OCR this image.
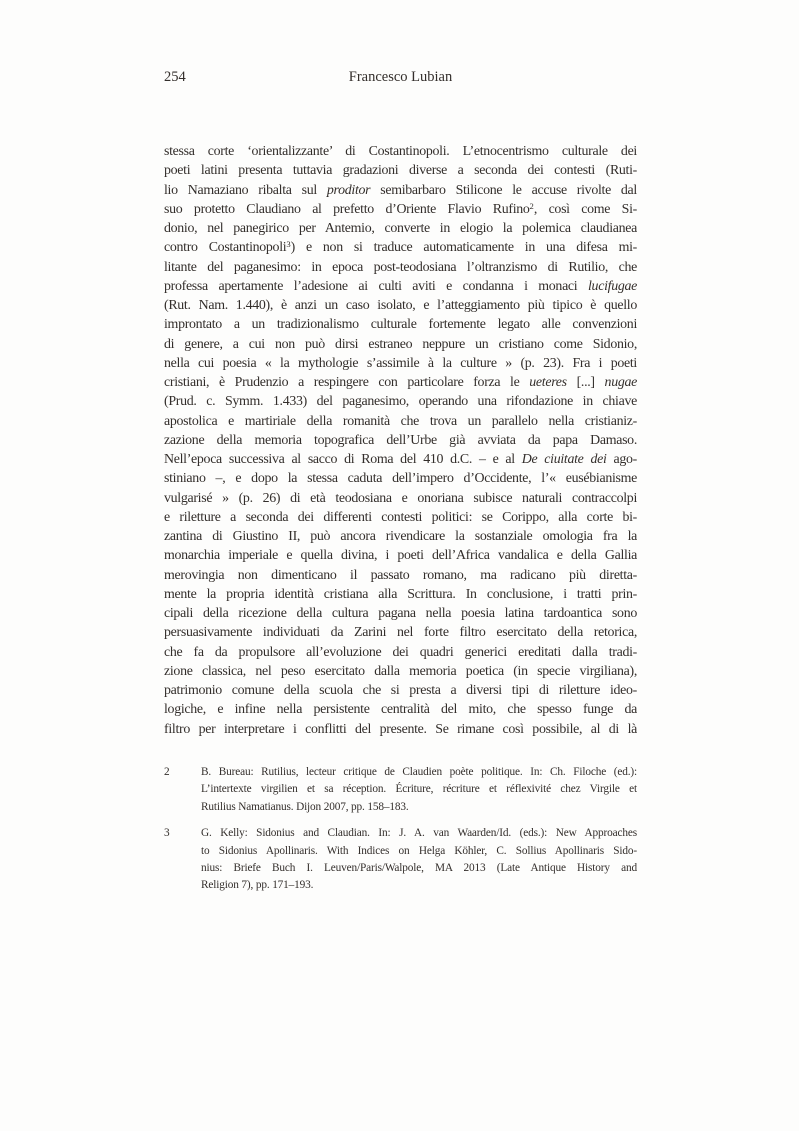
254	Francesco Lubian
stessa corte ‘orientalizzante’ di Costantinopoli. L’etnocentrismo culturale dei
poeti latini presenta tuttavia gradazioni diverse a seconda dei contesti (Ruti-
lio Namaziano ribalta sul proditor semibarbaro Stilicone le accuse rivolte dal
suo protetto Claudiano al prefetto d’Oriente Flavio Rufino$^2$, così come Si-
donio, nel panegirico per Antemio, converte in elogio la polemica claudianea
contro Costantinopoli$^3$) e non si traduce automaticamente in una difesa mi-
litante del paganesimo: in epoca post-teodosiana l’oltranzismo di Rutilio, che
professa apertamente l’adesione ai culti aviti e condanna i monaci lucifugae
(Rut. Nam. 1.440), è anzi un caso isolato, e l’atteggiamento più tipico è quello
improntato a un tradizionalismo culturale fortemente legato alle convenzioni
di genere, a cui non può dirsi estraneo neppure un cristiano come Sidonio,
nella cui poesia « la mythologie s’assimile à la culture » (p. 23). Fra i poeti
cristiani, è Prudenzio a respingere con particolare forza le ueteres [...] nugae
(Prud. c. Symm. 1.433) del paganesimo, operando una rifondazione in chiave
apostolica e martiriale della romanità che trova un parallelo nella cristianiz-
zazione della memoria topografica dell’Urbe già avviata da papa Damaso.
Nell’epoca successiva al sacco di Roma del 410 d.C. – e al De ciuitate dei ago-
stiniano –, e dopo la stessa caduta dell’impero d’Occidente, l’« eusébianisme
vulgarisé » (p. 26) di età teodosiana e onoriana subisce naturali contraccolpi
e riletture a seconda dei differenti contesti politici: se Corippo, alla corte bi-
zantina di Giustino II, può ancora rivendicare la sostanziale omologia fra la
monarchia imperiale e quella divina, i poeti dell’Africa vandalica e della Gallia
merovingia non dimenticano il passato romano, ma radicano più diretta-
mente la propria identità cristiana alla Scrittura. In conclusione, i tratti prin-
cipali della ricezione della cultura pagana nella poesia latina tardoantica sono
persuasivamente individuati da Zarini nel forte filtro esercitato della retorica,
che fa da propulsore all’evoluzione dei quadri generici ereditati dalla tradi-
zione classica, nel peso esercitato dalla memoria poetica (in specie virgiliana),
patrimonio comune della scuola che si presta a diversi tipi di riletture ideo-
logiche, e infine nella persistente centralità del mito, che spesso funge da
filtro per interpretare i conflitti del presente. Se rimane così possibile, al di là
2	B. Bureau: Rutilius, lecteur critique de Claudien poète politique. In: Ch. Filoche (ed.):
L’intertexte virgilien et sa réception. Écriture, récriture et réflexivité chez Virgile et
Rutilius Namatianus. Dijon 2007, pp. 158–183.
3	G. Kelly: Sidonius and Claudian. In: J. A. van Waarden/Id. (eds.): New Approaches
to Sidonius Apollinaris. With Indices on Helga Köhler, C. Sollius Apollinaris Sido-
nius: Briefe Buch I. Leuven/Paris/Walpole, MA 2013 (Late Antique History and
Religion 7), pp. 171–193.
